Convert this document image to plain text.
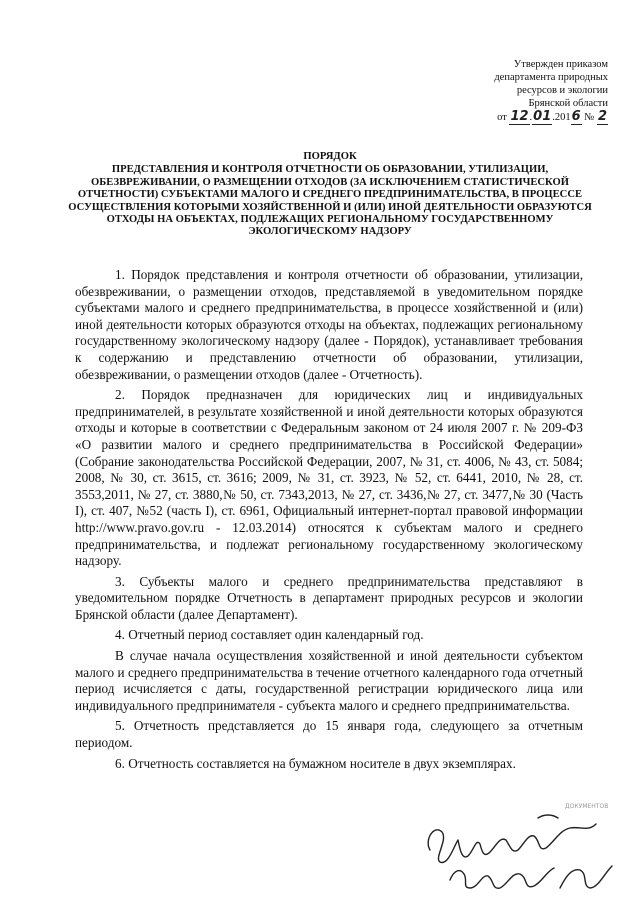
Утвержден приказом
департамента природных
ресурсов и экологии
Брянской области
от 12.01.2016 № 2
ПОРЯДОК
ПРЕДСТАВЛЕНИЯ И КОНТРОЛЯ ОТЧЕТНОСТИ ОБ ОБРАЗОВАНИИ, УТИЛИЗАЦИИ, ОБЕЗВРЕЖИВАНИИ, О РАЗМЕЩЕНИИ ОТХОДОВ (ЗА ИСКЛЮЧЕНИЕМ СТАТИСТИЧЕСКОЙ ОТЧЕТНОСТИ) СУБЪЕКТАМИ МАЛОГО И СРЕДНЕГО ПРЕДПРИНИМАТЕЛЬСТВА, В ПРОЦЕССЕ ОСУЩЕСТВЛЕНИЯ КОТОРЫМИ ХОЗЯЙСТВЕННОЙ И (ИЛИ) ИНОЙ ДЕЯТЕЛЬНОСТИ ОБРАЗУЮТСЯ ОТХОДЫ НА ОБЪЕКТАХ, ПОДЛЕЖАЩИХ РЕГИОНАЛЬНОМУ ГОСУДАРСТВЕННОМУ ЭКОЛОГИЧЕСКОМУ НАДЗОРУ

1. Порядок представления и контроля отчетности об образовании, утилизации, обезвреживании, о размещении отходов, представляемой в уведомительном порядке субъектами малого и среднего предпринимательства, в процессе хозяйственной и (или) иной деятельности которых образуются отходы на объектах, подлежащих региональному государственному экологическому надзору (далее - Порядок), устанавливает требования к содержанию и представлению отчетности об образовании, утилизации, обезвреживании, о размещении отходов (далее - Отчетность).

2. Порядок предназначен для юридических лиц и индивидуальных предпринимателей, в результате хозяйственной и иной деятельности которых образуются отходы и которые в соответствии с Федеральным законом от 24 июля 2007 г. № 209-ФЗ «О развитии малого и среднего предпринимательства в Российской Федерации» (Собрание законодательства Российской Федерации, 2007, № 31, ст. 4006, № 43, ст. 5084; 2008, № 30, ст. 3615, ст. 3616; 2009, № 31, ст. 3923, № 52, ст. 6441, 2010, № 28, ст. 3553,2011, № 27, ст. 3880,№ 50, ст. 7343,2013, № 27, ст. 3436,№ 27, ст. 3477,№ 30 (Часть I), ст. 407, №52 (часть I), ст. 6961, Официальный интернет-портал правовой информации http://www.pravo.gov.ru - 12.03.2014) относятся к субъектам малого и среднего предпринимательства, и подлежат региональному государственному экологическому надзору.

3. Субъекты малого и среднего предпринимательства представляют в уведомительном порядке Отчетность в департамент природных ресурсов и экологии Брянской области (далее Департамент).

4. Отчетный период составляет один календарный год.

В случае начала осуществления хозяйственной и иной деятельности субъектом малого и среднего предпринимательства в течение отчетного календарного года отчетный период исчисляется с даты, государственной регистрации юридического лица или индивидуального предпринимателя - субъекта малого и среднего предпринимательства.

5. Отчетность представляется до 15 января года, следующего за отчетным периодом.

6. Отчетность составляется на бумажном носителе в двух экземплярах.

ДОКУМЕНТОВ
